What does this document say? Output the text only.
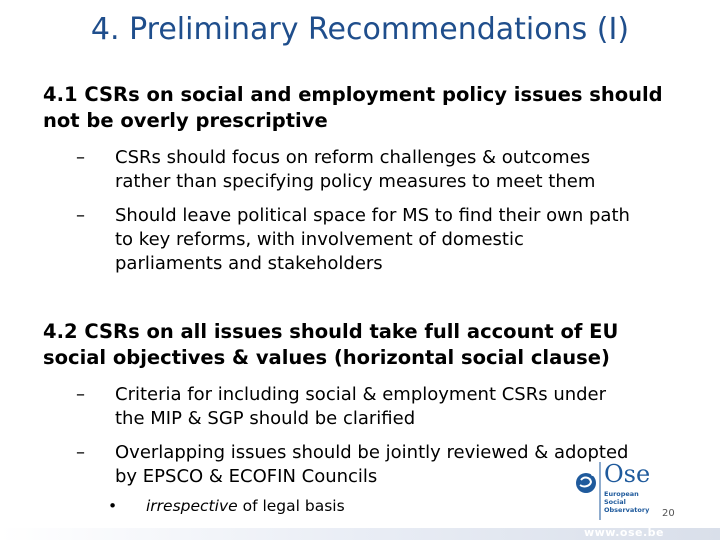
4. Preliminary Recommendations (I)
4.1 CSRs on social and employment policy issues should
not be overly prescriptive
–	CSRs should focus on reform challenges & outcomes
rather than specifying policy measures to meet them
–	Should leave political space for MS to find their own path
to key reforms, with involvement of domestic
parliaments and stakeholders
4.2 CSRs on all issues should take full account of EU
social objectives & values (horizontal social clause)
–	Criteria for including social & employment CSRs under
the MIP & SGP should be clarified
–	Overlapping issues should be jointly reviewed & adopted
by EPSCO & ECOFIN Councils
• irrespective of legal basis
Ose
European
Social
Observatory 20
www.ose.be
